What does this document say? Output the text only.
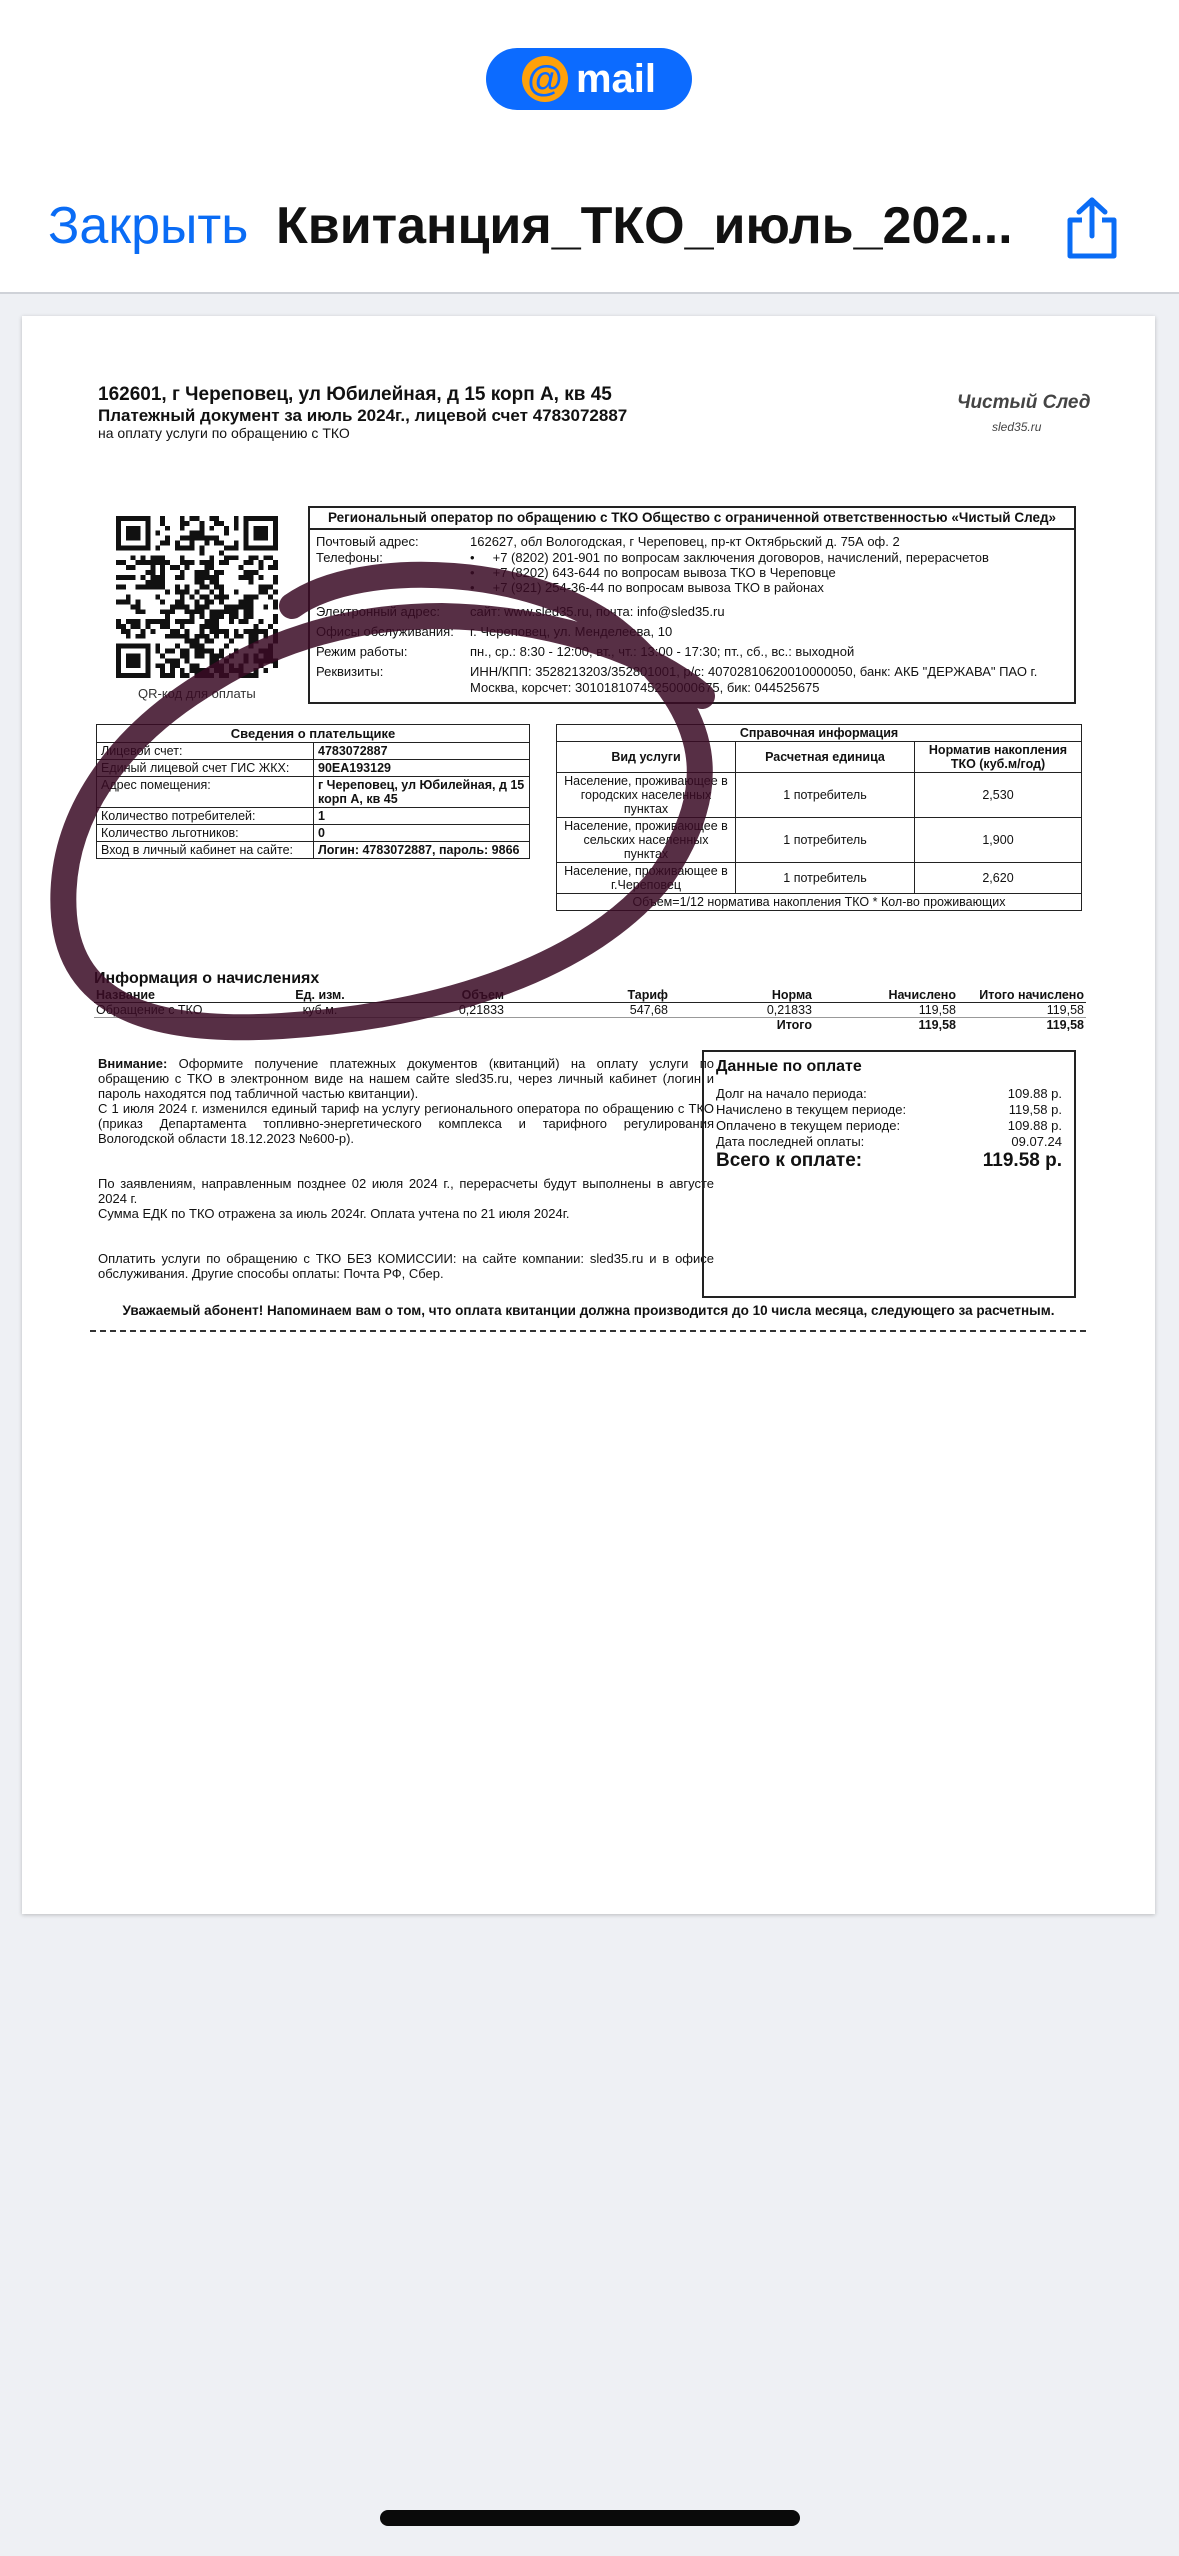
@ mail
Закрыть Квитанция_ТКО_июль_202...
162601, г Череповец, ул Юбилейная, д 15 корп А, кв 45
Платежный документ за июль 2024г., лицевой счет 4783072887
на оплату услуги по обращению с ТКО
Чистый След
sled35.ru
QR-код для оплаты
Региональный оператор по обращению с ТКО Общество с ограниченной ответственностью «Чистый След»
Почтовый адрес:	162627, обл Вологодская, г Череповец, пр-кт Октябрьский д. 75А оф. 2
Телефоны:	•     +7 (8202) 201-901 по вопросам заключения договоров, начислений, перерасчетов
•     +7 (8202) 643-644 по вопросам вывоза ТКО в Череповце
•     +7 (921) 254-36-44 по вопросам вывоза ТКО в районах
Электронный адрес: сайт: www.sled35.ru, почта: info@sled35.ru
Офисы обслуживания: г. Череповец, ул. Менделеева, 10
Режим работы:	пн., ср.: 8:30 - 12:00, вт., чт.: 13:00 - 17:30; пт., сб., вс.: выходной
Реквизиты:	ИНН/КПП: 3528213203/352801001, р/с: 40702810620010000050, банк: АКБ "ДЕРЖАВА" ПАО г.
Москва, корсчет: 30101810745250000675, бик: 044525675
Сведения о плательщике	
Лицевой счет:	4783072887
Единый лицевой счет ГИС ЖКХ:	90ЕА193129
Адрес помещения:	г Череповец, ул Юбилейная, д 15 корп А, кв 45
Количество потребителей:	1
Количество льготников:	0
Вход в личный кабинет на сайте:	Логин: 4783072887, пароль: 9866
Справочная информация		
Вид услуги	Расчетная единица	Норматив накопления ТКО (куб.м/год)
Население, проживающее в городских населенных пунктах	1 потребитель	2,530
Население, проживающее в сельских населенных пунктах	1 потребитель	1,900
Население, проживающее в г.Череповец	1 потребитель	2,620
Объем=1/12 норматива накопления ТКО * Кол-во проживающих		
Информация о начислениях
Название	Ед. изм.	Объем	Тариф	Норма	Начислено	Итого начислено
Обращение с ТКО	куб.м.	0,21833	547,68	0,21833	119,58	119,58
				Итого	119,58	119,58
Внимание: Оформите получение платежных документов (квитанций) на оплату услуги по обращению с ТКО в электронном виде на нашем сайте sled35.ru, через личный кабинет (логин и пароль находятся под табличной частью квитанции).
С 1 июля 2024 г. изменился единый тариф на услугу регионального оператора по обращению с ТКО (приказ Департамента топливно-энергетического комплекса и тарифного регулирования Вологодской области 18.12.2023 №600-р).
По заявлениям, направленным позднее 02 июля 2024 г., перерасчеты будут выполнены в августе 2024 г.
Сумма ЕДК по ТКО отражена за июль 2024г. Оплата учтена по 21 июля 2024г.
Оплатить услуги по обращению с ТКО БЕЗ КОМИССИИ: на сайте компании: sled35.ru и в офисе обслуживания. Другие способы оплаты: Почта РФ, Сбер.
Данные по оплате
Долг на начало периода:	109.88 р.
Начислено в текущем периоде:	119,58 р.
Оплачено в текущем периоде:	109.88 р.
Дата последней оплаты:	09.07.24
Всего к оплате:	119.58 р.
Уважаемый абонент! Напоминаем вам о том, что оплата квитанции должна производится до 10 числа месяца, следующего за расчетным.
